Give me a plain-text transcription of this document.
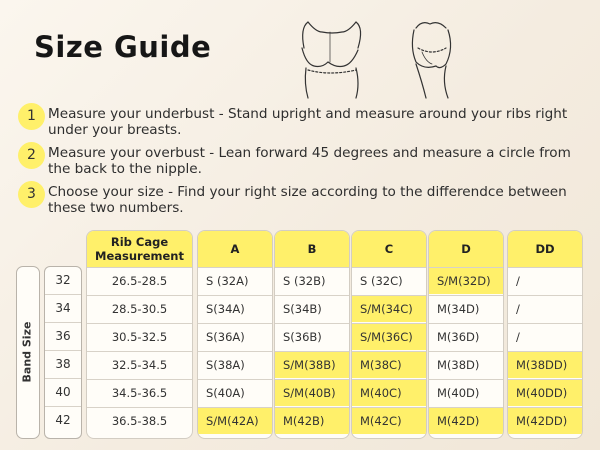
Size Guide
1 Measure your underbust - Stand upright and measure around your ribs right under your breasts.
2 Measure your overbust - Lean forward 45 degrees and measure a circle from the back to the nipple.
3 Choose your size - Find your right size according to the differendce between these two numbers.
Band Size
32
34
36
38
40
42
Rib Cage Measurement
26.5-28.5
28.5-30.5
30.5-32.5
32.5-34.5
34.5-36.5
36.5-38.5
A
S (32A)
S(34A)
S(36A)
S(38A)
S(40A)
S/M(42A)
B
S (32B)
S(34B)
S(36B)
S/M(38B)
S/M(40B)
M(42B)
C
S (32C)
S/M(34C)
S/M(36C)
M(38C)
M(40C)
M(42C)
D
S/M(32D)
M(34D)
M(36D)
M(38D)
M(40D)
M(42D)
DD
/
/
/
M(38DD)
M(40DD)
M(42DD)
